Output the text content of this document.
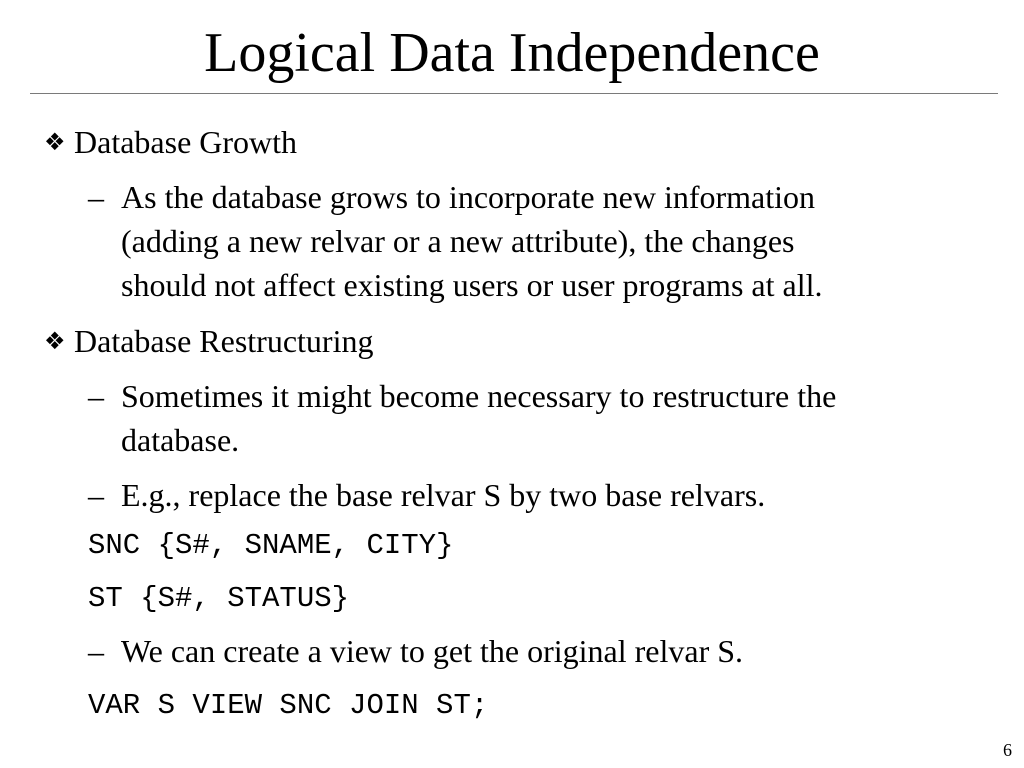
Logical Data Independence
❖ Database Growth
– As the database grows to incorporate new information
(adding a new relvar or a new attribute), the changes
should not affect existing users or user programs at all.
❖ Database Restructuring
– Sometimes it might become necessary to restructure the
database.
– E.g., replace the base relvar S by two base relvars.
SNC {S#, SNAME, CITY}
ST {S#, STATUS}
– We can create a view to get the original relvar S.
VAR S VIEW SNC JOIN ST;
6
